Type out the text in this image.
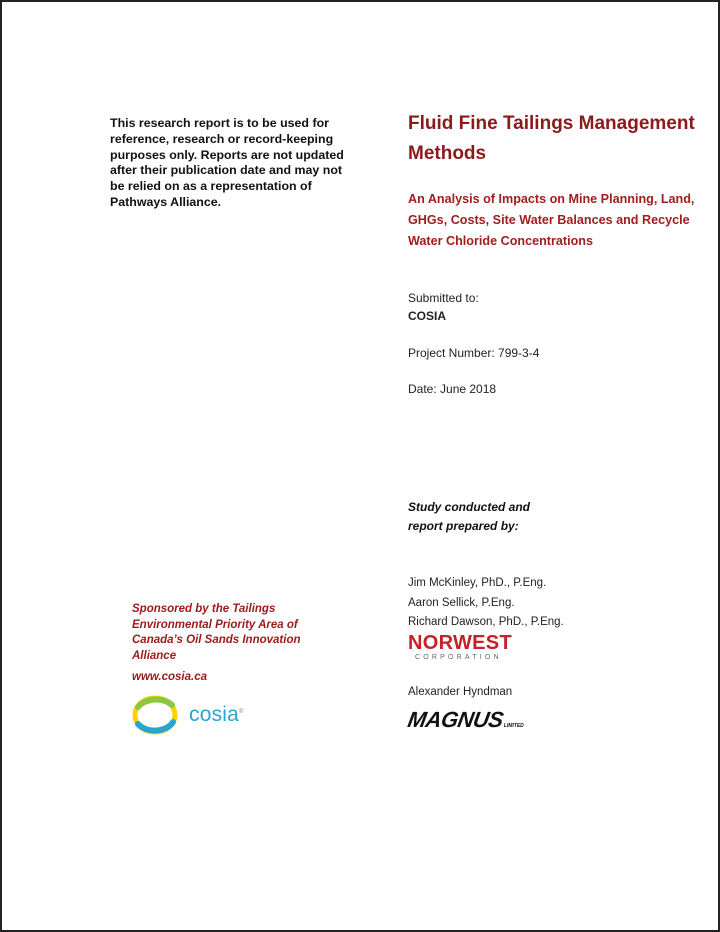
This research report is to be used for reference, research or record-keeping purposes only. Reports are not updated after their publication date and may not be relied on as a representation of Pathways Alliance.
Fluid Fine Tailings Management Methods
An Analysis of Impacts on Mine Planning, Land, GHGs, Costs, Site Water Balances and Recycle Water Chloride Concentrations
Submitted to:
COSIA
Project Number: 799-3-4
Date: June 2018
Study conducted and
report prepared by:
Jim McKinley, PhD., P.Eng.
Aaron Sellick, P.Eng.
Richard Dawson, PhD., P.Eng.
NORWEST
CORPORATION
Alexander Hyndman
MAGNUS
LIMITED
Sponsored by the Tailings Environmental Priority Area of Canada’s Oil Sands Innovation Alliance
www.cosia.ca
cosia®
